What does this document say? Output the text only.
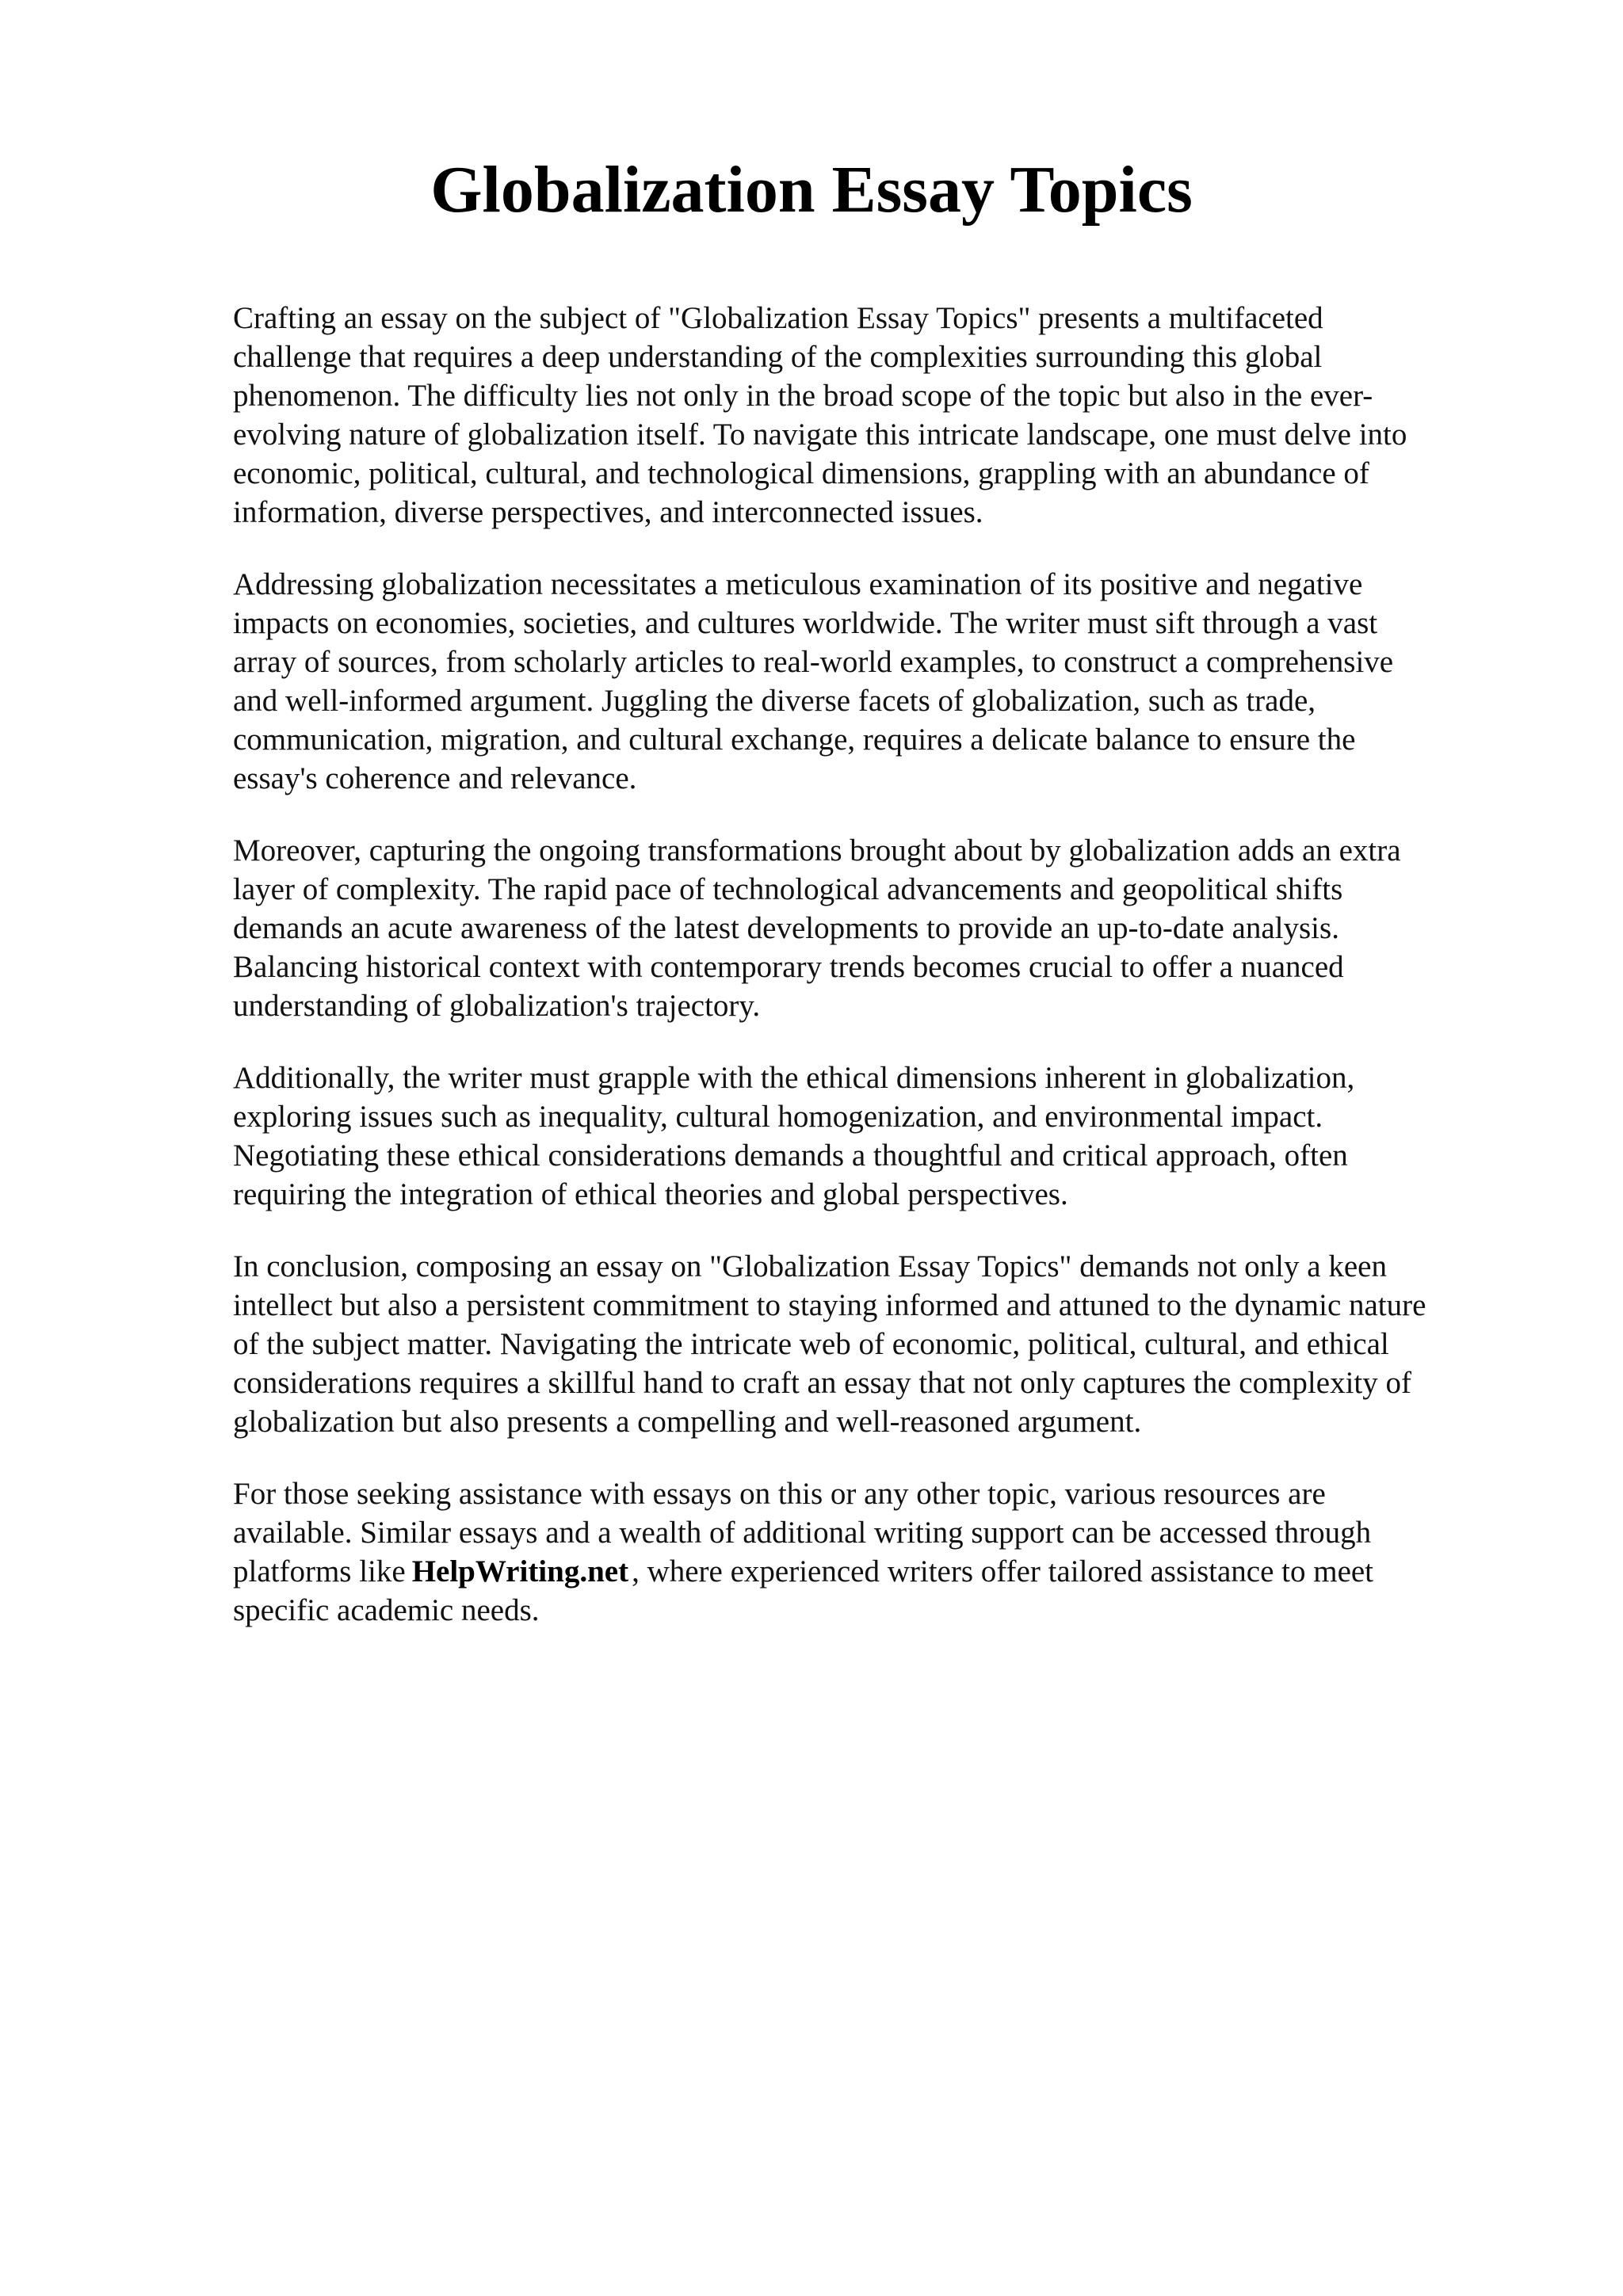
Globalization Essay Topics

Crafting an essay on the subject of "Globalization Essay Topics" presents a multifaceted
challenge that requires a deep understanding of the complexities surrounding this global
phenomenon. The difficulty lies not only in the broad scope of the topic but also in the ever-
evolving nature of globalization itself. To navigate this intricate landscape, one must delve into
economic, political, cultural, and technological dimensions, grappling with an abundance of
information, diverse perspectives, and interconnected issues.

Addressing globalization necessitates a meticulous examination of its positive and negative
impacts on economies, societies, and cultures worldwide. The writer must sift through a vast
array of sources, from scholarly articles to real-world examples, to construct a comprehensive
and well-informed argument. Juggling the diverse facets of globalization, such as trade,
communication, migration, and cultural exchange, requires a delicate balance to ensure the
essay's coherence and relevance.

Moreover, capturing the ongoing transformations brought about by globalization adds an extra
layer of complexity. The rapid pace of technological advancements and geopolitical shifts
demands an acute awareness of the latest developments to provide an up-to-date analysis.
Balancing historical context with contemporary trends becomes crucial to offer a nuanced
understanding of globalization's trajectory.

Additionally, the writer must grapple with the ethical dimensions inherent in globalization,
exploring issues such as inequality, cultural homogenization, and environmental impact.
Negotiating these ethical considerations demands a thoughtful and critical approach, often
requiring the integration of ethical theories and global perspectives.

In conclusion, composing an essay on "Globalization Essay Topics" demands not only a keen
intellect but also a persistent commitment to staying informed and attuned to the dynamic nature
of the subject matter. Navigating the intricate web of economic, political, cultural, and ethical
considerations requires a skillful hand to craft an essay that not only captures the complexity of
globalization but also presents a compelling and well-reasoned argument.

For those seeking assistance with essays on this or any other topic, various resources are
available. Similar essays and a wealth of additional writing support can be accessed through
platforms like HelpWriting.net , where experienced writers offer tailored assistance to meet
specific academic needs.
